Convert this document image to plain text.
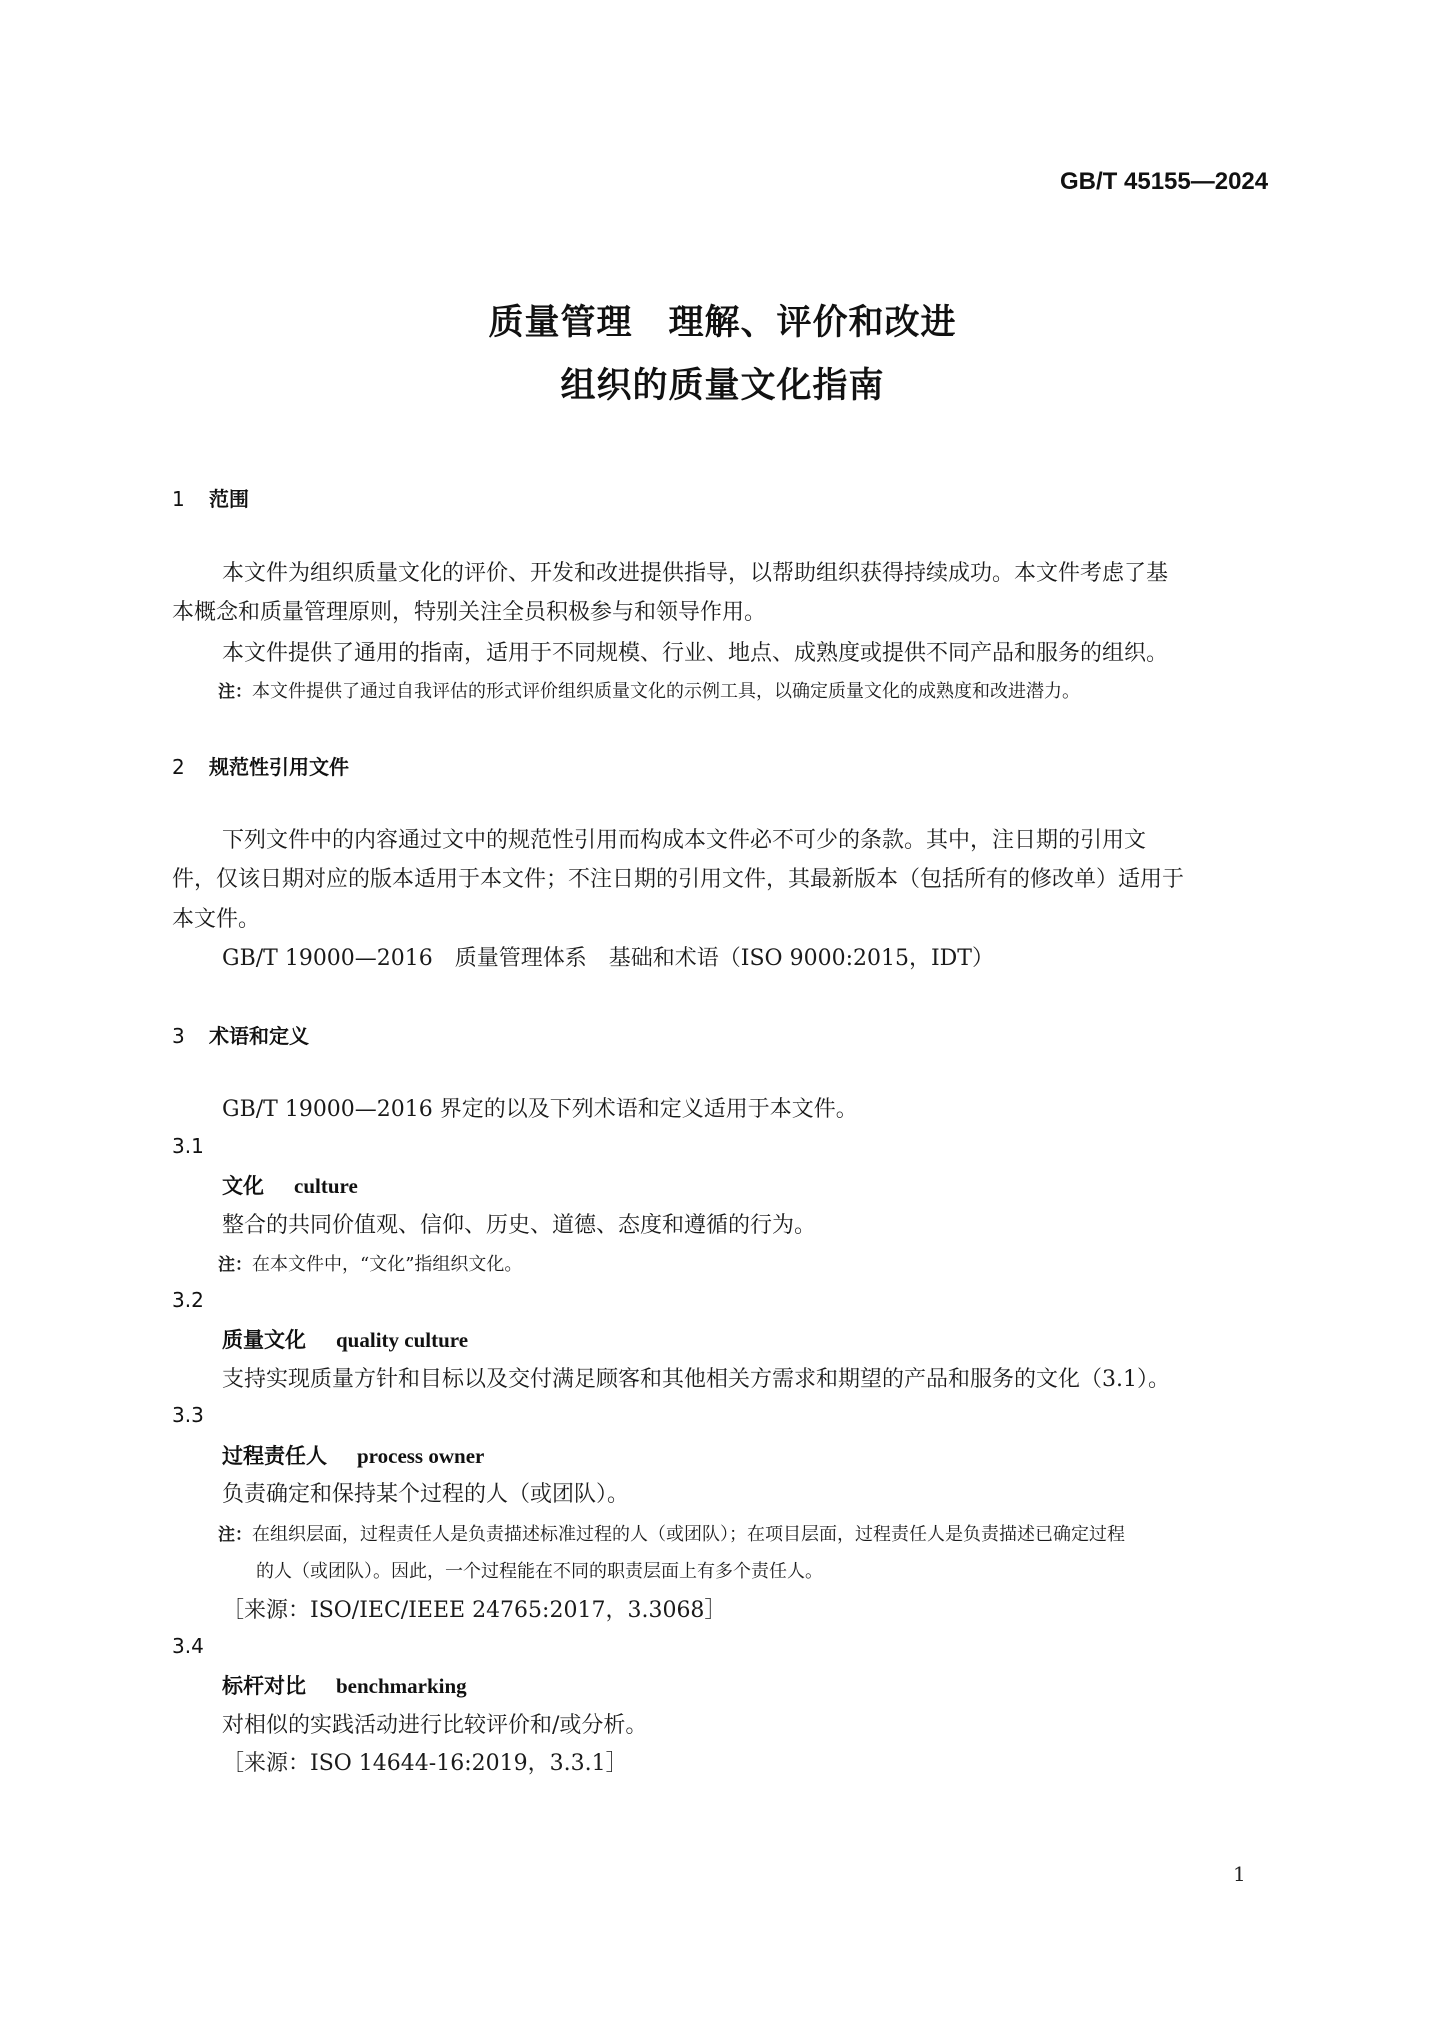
GB/T 45155—2024
质量管理　理解、评价和改进
组织的质量文化指南
1 范围
本文件为组织质量文化的评价、开发和改进提供指导，以帮助组织获得持续成功。本文件考虑了基
本概念和质量管理原则，特别关注全员积极参与和领导作用。
本文件提供了通用的指南，适用于不同规模、行业、地点、成熟度或提供不同产品和服务的组织。
注：本文件提供了通过自我评估的形式评价组织质量文化的示例工具，以确定质量文化的成熟度和改进潜力。
2 规范性引用文件
下列文件中的内容通过文中的规范性引用而构成本文件必不可少的条款。其中，注日期的引用文
件，仅该日期对应的版本适用于本文件；不注日期的引用文件，其最新版本（包括所有的修改单）适用于
本文件。
GB/T 19000—2016　质量管理体系　基础和术语（ISO 9000:2015，IDT）
3 术语和定义
GB/T 19000—2016 界定的以及下列术语和定义适用于本文件。
3.1
文化 culture
整合的共同价值观、信仰、历史、道德、态度和遵循的行为。
注：在本文件中，“文化”指组织文化。
3.2
质量文化 quality culture
支持实现质量方针和目标以及交付满足顾客和其他相关方需求和期望的产品和服务的文化（3.1）。
3.3
过程责任人 process owner
负责确定和保持某个过程的人（或团队）。
注：在组织层面，过程责任人是负责描述标准过程的人（或团队）；在项目层面，过程责任人是负责描述已确定过程
的人（或团队）。因此，一个过程能在不同的职责层面上有多个责任人。
［来源：ISO/IEC/IEEE 24765:2017，3.3068］
3.4
标杆对比 benchmarking
对相似的实践活动进行比较评价和/或分析。
［来源：ISO 14644-16:2019，3.3.1］
1
